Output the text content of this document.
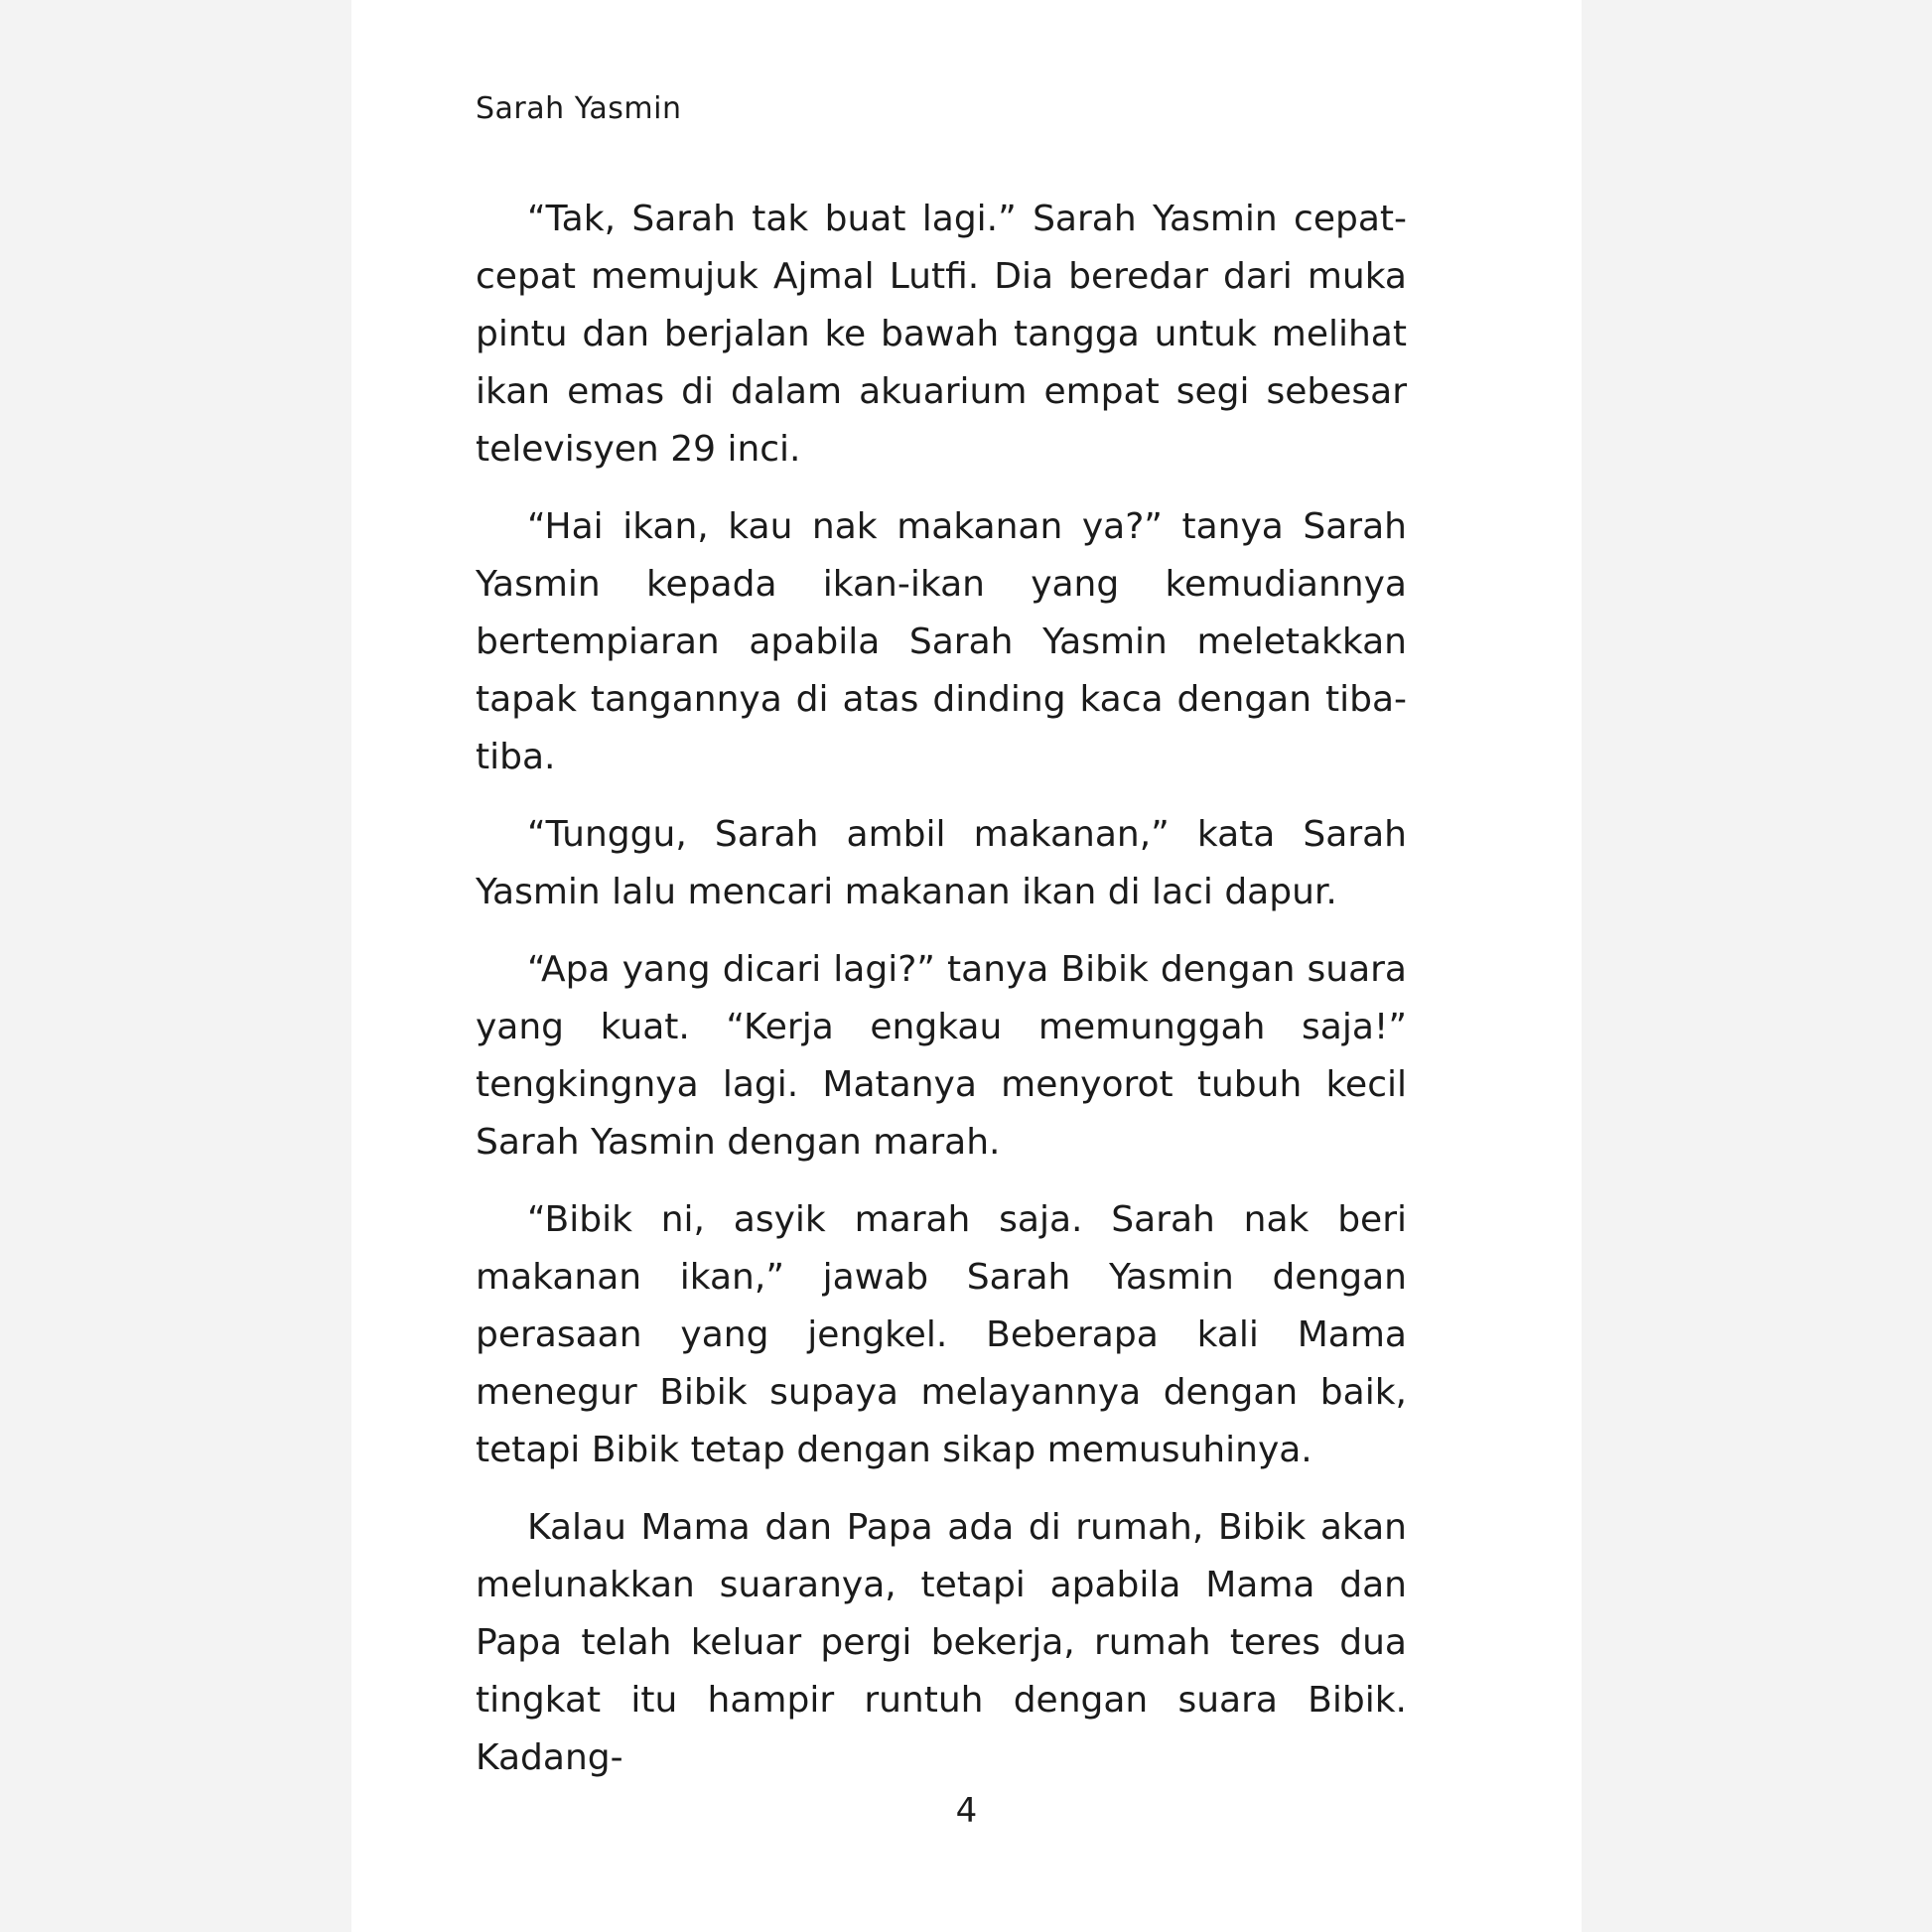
Sarah Yasmin

“Tak, Sarah tak buat lagi.” Sarah Yasmin cepat-cepat memujuk Ajmal Lutfi. Dia beredar dari muka pintu dan berjalan ke bawah tangga untuk melihat ikan emas di dalam akuarium empat segi sebesar televisyen 29 inci.

“Hai ikan, kau nak makanan ya?” tanya Sarah Yasmin kepada ikan-ikan yang kemudiannya bertempiaran apabila Sarah Yasmin meletakkan tapak tangannya di atas dinding kaca dengan tiba-tiba.

“Tunggu, Sarah ambil makanan,” kata Sarah Yasmin lalu mencari makanan ikan di laci dapur.

“Apa yang dicari lagi?” tanya Bibik dengan suara yang kuat. “Kerja engkau memunggah saja!” tengkingnya lagi. Matanya menyorot tubuh kecil Sarah Yasmin dengan marah.

“Bibik ni, asyik marah saja. Sarah nak beri makanan ikan,” jawab Sarah Yasmin dengan perasaan yang jengkel. Beberapa kali Mama menegur Bibik supaya melayannya dengan baik, tetapi Bibik tetap dengan sikap memusuhinya.

Kalau Mama dan Papa ada di rumah, Bibik akan melunakkan suaranya, tetapi apabila Mama dan Papa telah keluar pergi bekerja, rumah teres dua tingkat itu hampir runtuh dengan suara Bibik. Kadang-

4
